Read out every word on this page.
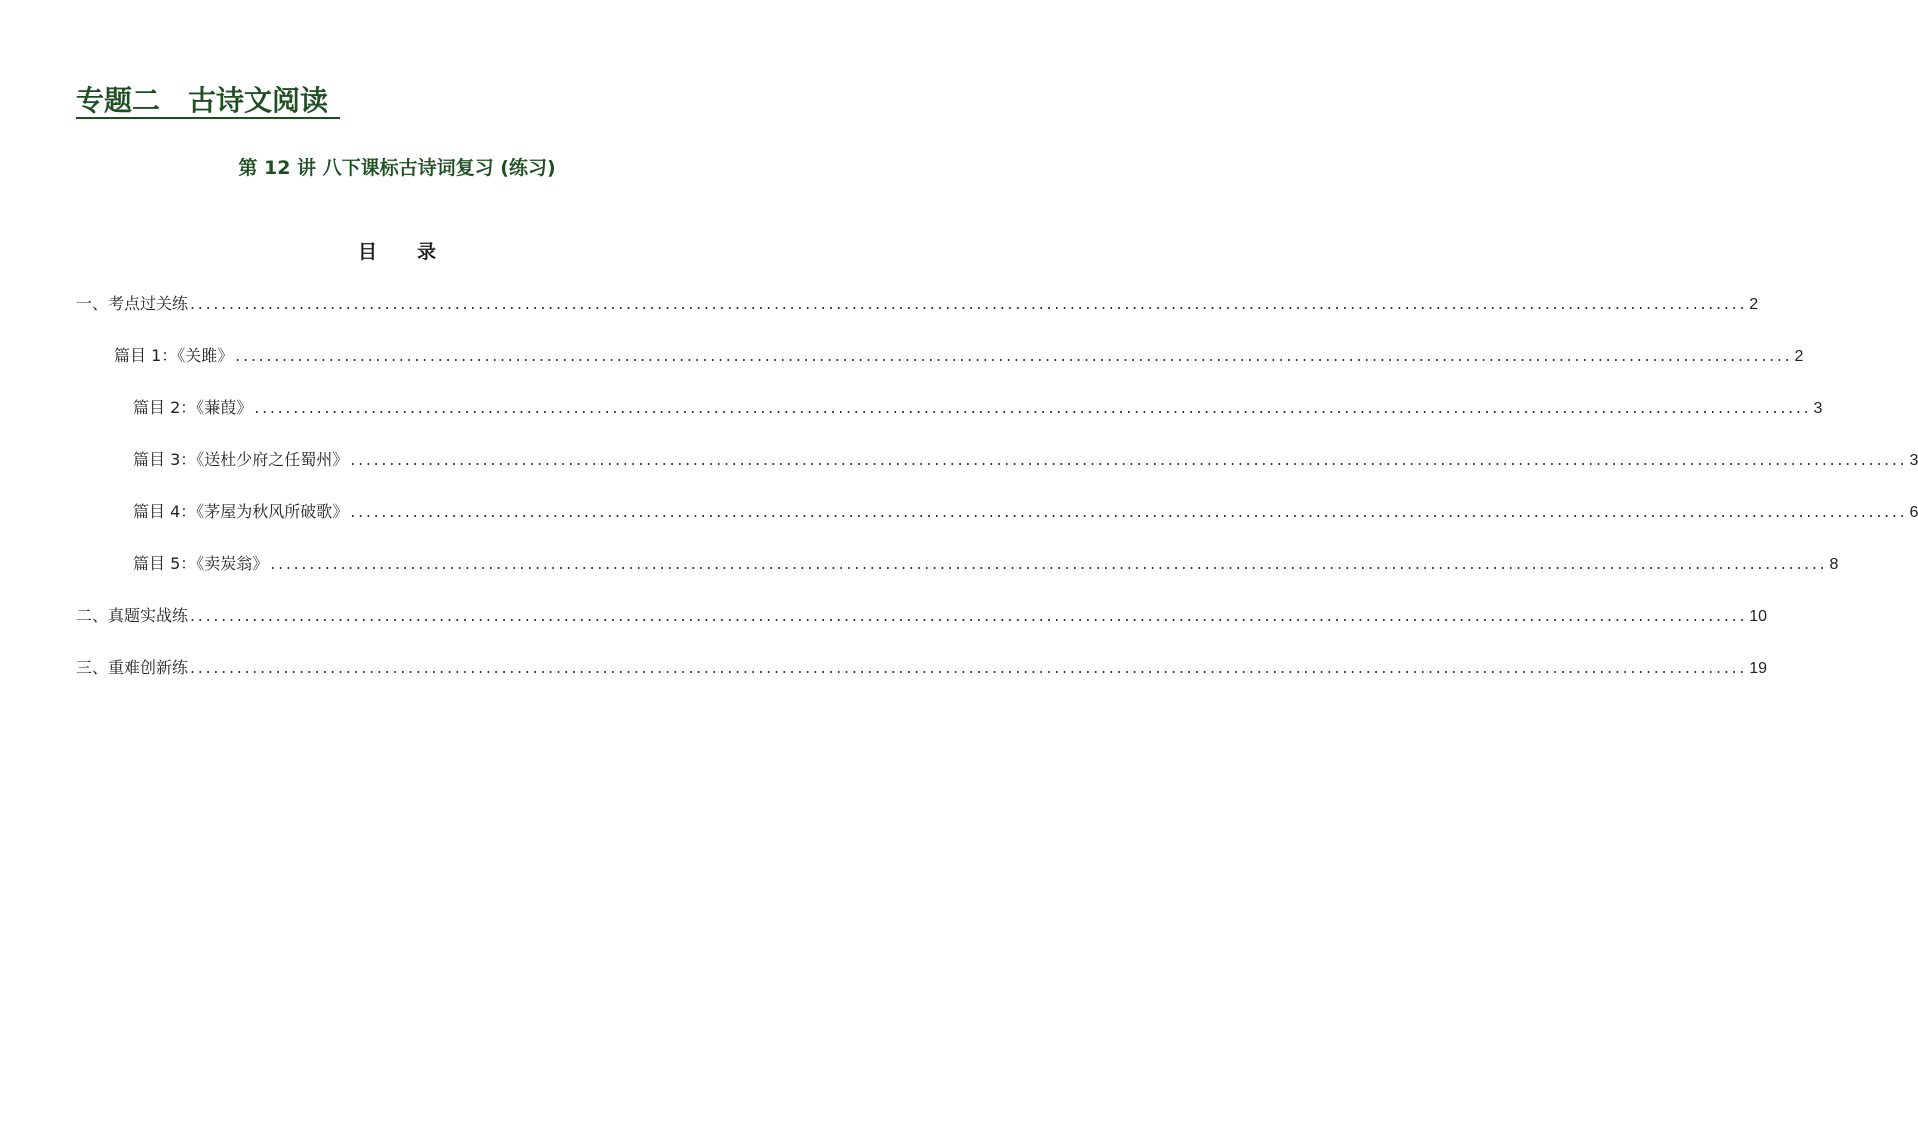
专题二　古诗文阅读
第 12 讲 八下课标古诗词复习 (练习)
目录
一、考点过关练 ........................................................................................................................................................................................................ 2
篇目 1：《关雎》 ........................................................................................................................................................................................................ 2
篇目 2：《蒹葭》 ........................................................................................................................................................................................................ 3
篇目 3：《送杜少府之任蜀州》 ........................................................................................................................................................................................................ 3
篇目 4：《茅屋为秋风所破歌》 ........................................................................................................................................................................................................ 6
篇目 5：《卖炭翁》 ........................................................................................................................................................................................................ 8
二、真题实战练 ........................................................................................................................................................................................................ 10
三、重难创新练 ........................................................................................................................................................................................................ 19
